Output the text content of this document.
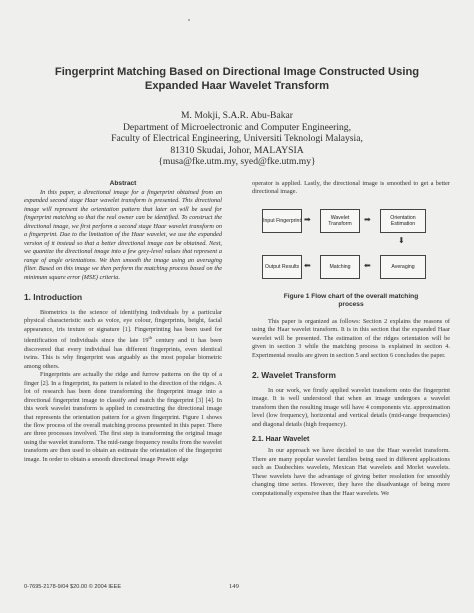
Fingerprint Matching Based on Directional Image Constructed Using
Expanded Haar Wavelet Transform
M. Mokji, S.A.R. Abu-Bakar
Department of Microelectronic and Computer Engineering,
Faculty of Electrical Engineering, Universiti Teknologi Malaysia,
81310 Skudai, Johor, MALAYSIA
{musa@fke.utm.my, syed@fke.utm.my}
Abstract

In this paper, a directional image for a fingerprint obtained from an expanded second stage Haar wavelet transform is presented. This directional image will represent the orientation pattern that later on will be used for fingerprint matching so that the real owner can be identified. To construct the directional image, we first perform a second stage Haar wavelet transform on a fingerprint. Due to the limitation of the Haar wavelet, we use the expanded version of it instead so that a better directional image can be obtained. Next, we quantize the directional image into a few grey-level values that represent a range of angle orientations. We then smooth the image using an averaging filter. Based on this image we then perform the matching process based on the minimum square error (MSE) criteria.

1. Introduction

Biometrics is the science of identifying individuals by a particular physical characteristic such as voice, eye colour, fingerprints, height, facial appearance, iris texture or signature [1]. Fingerprinting has been used for identification of individuals since the late 19th century and it has been discovered that every individual has different fingerprints, even identical twins. This is why fingerprint was arguably as the most popular biometric among others.

Fingerprints are actually the ridge and furrow patterns on the tip of a finger [2]. In a fingerprint, its pattern is related to the direction of the ridges. A lot of research has been done transforming the fingerprint image into a directional fingerprint image to classify and match the fingerprint [3] [4]. In this work wavelet transform is applied in constructing the directional image that represents the orientation pattern for a given fingerprint. Figure 1 shows the flow process of the overall matching process presented in this paper. There are three processes involved. The first step is transforming the original image using the wavelet transform. The mid-range frequency results from the wavelet transform are then used to obtain an estimate the orientation of the fingerprint image. In order to obtain a smooth directional image Prewitt edge

operator is applied. Lastly, the directional image is smoothed to get a better directional image.

Input Fingerprint ➡	Wavelet Transform	➡	Orientation Estimation
⬇
Output Results ⬅	Matching	⬅	Averaging
Figure 1 Flow chart of the overall matching
process

This paper is organized as follows: Section 2 explains the reasons of using the Haar wavelet transform. It is in this section that the expanded Haar wavelet will be presented. The estimation of the ridges orientation will be given in section 3 while the matching process is explained in section 4. Experimental results are given in section 5 and section 6 concludes the paper.

2. Wavelet Transform

In our work, we firstly applied wavelet transform onto the fingerprint image. It is well understood that when an image undergoes a wavelet transform then the resulting image will have 4 components viz. approximation level (low frequency), horizontal and vertical details (mid-range frequencies) and diagonal details (high frequency).

2.1. Haar Wavelet

In our approach we have decided to use the Haar wavelet transform. There are many popular wavelet families being used in different applications such as Daubechies wavelets, Mexican Hat wavelets and Morlet wavelets. These wavelets have the advantage of giving better resolution for smoothly changing time series. However, they have the disadvantage of being more computationally expensive than the Haar wavelets. We

0-7695-2178-9/04 $20.00 © 2004 IEEE	149
